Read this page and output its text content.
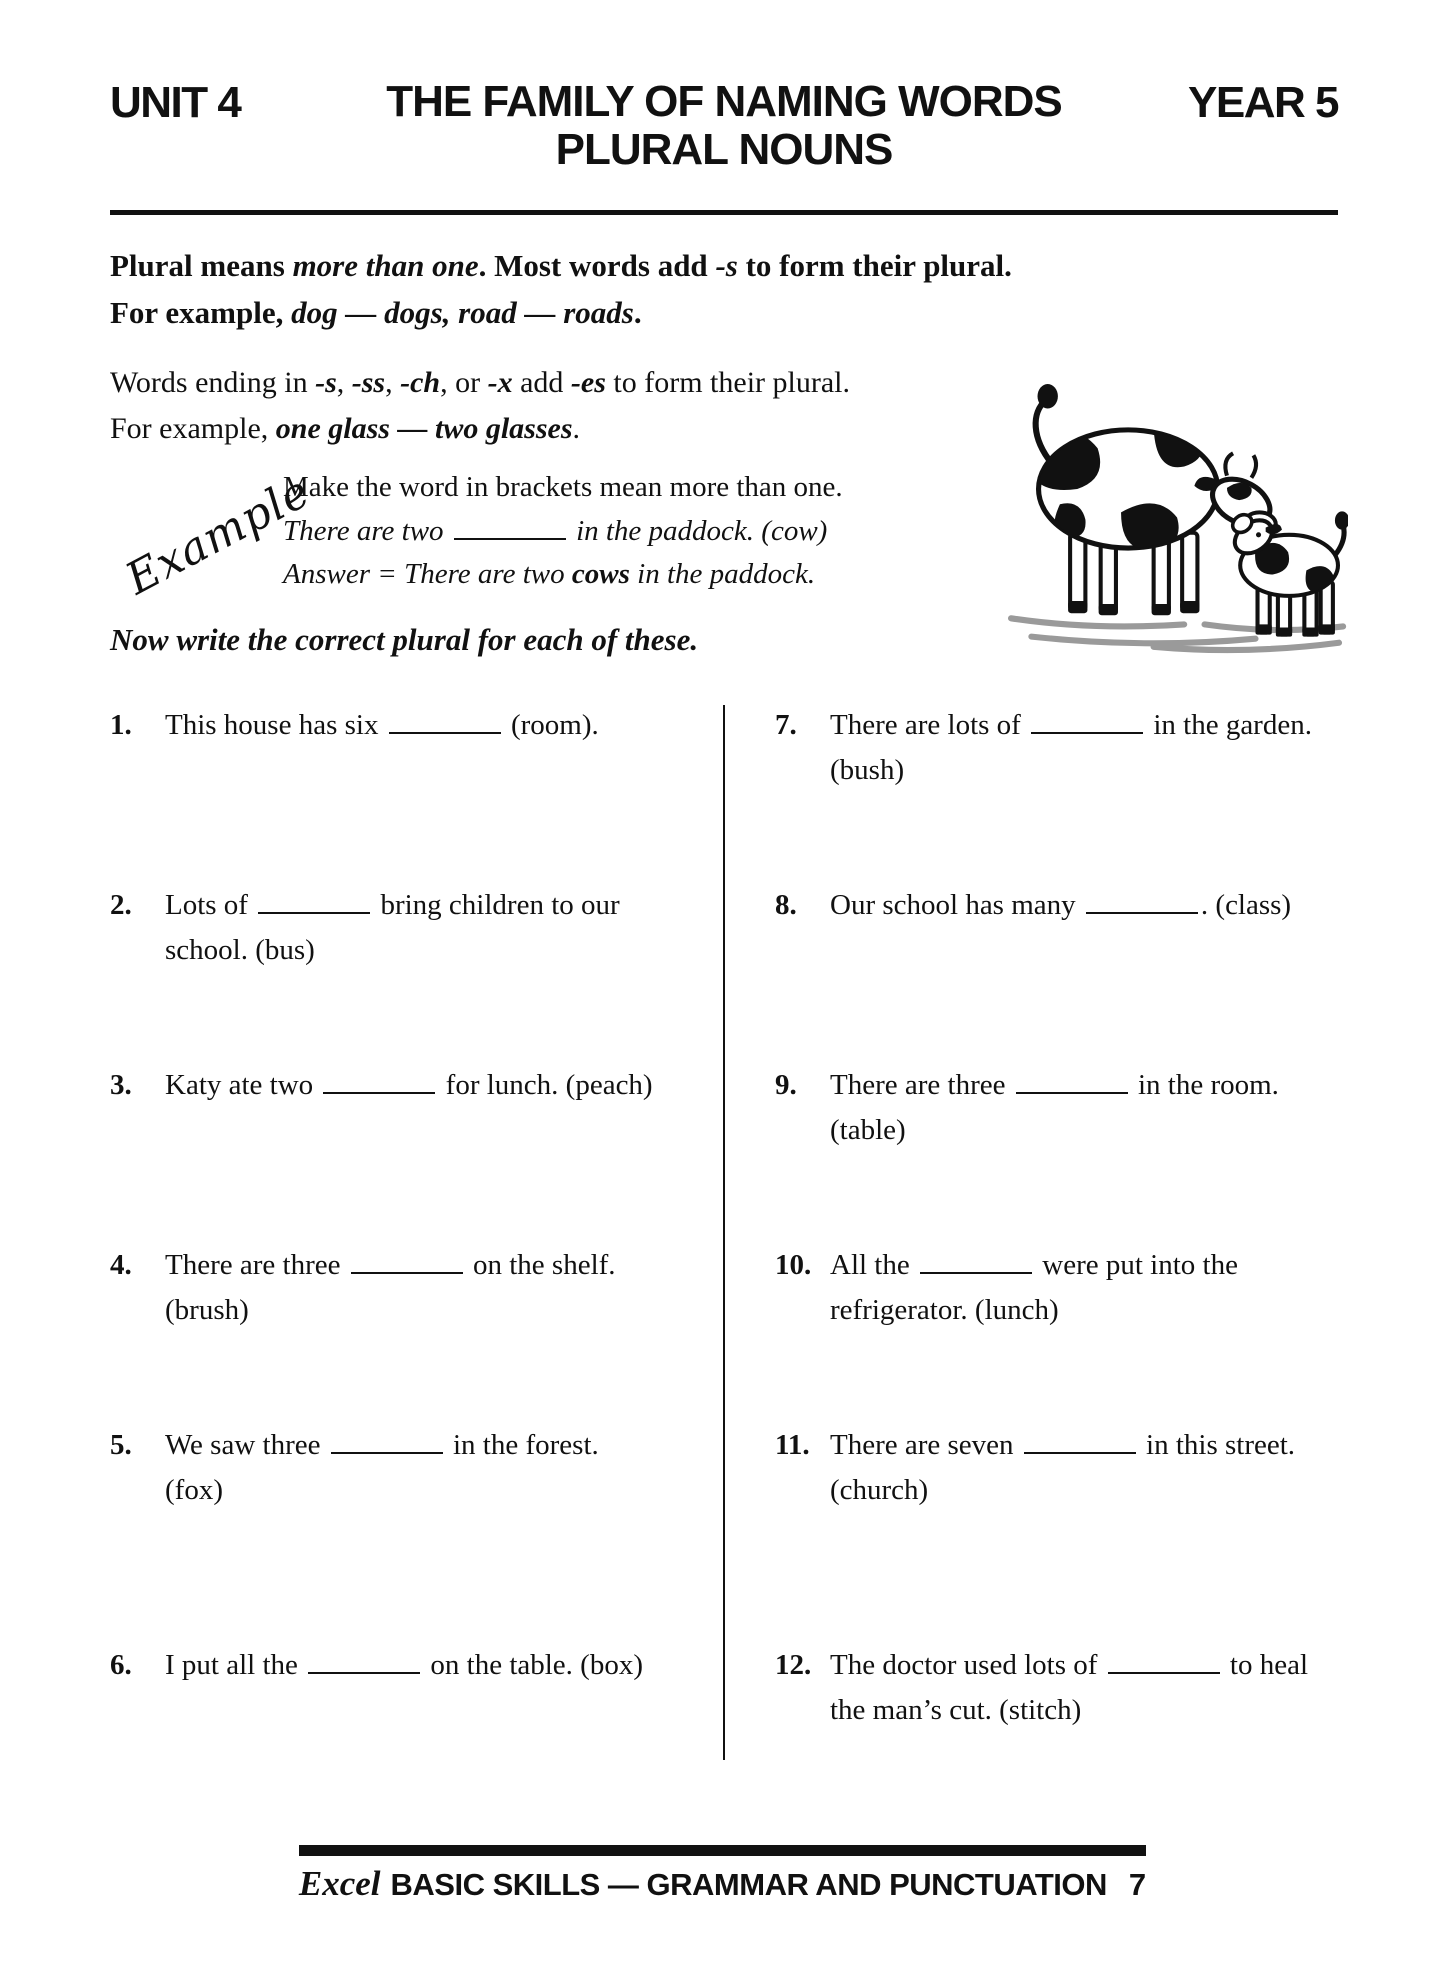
UNIT 4	THE FAMILY OF NAMING WORDS
PLURAL NOUNS
YEAR 5

Plural means more than one. Most words add -s to form their plural.
For example, dog — dogs, road — roads.

Words ending in -s, -ss, -ch, or -x add -es to form their plural.
For example, one glass — two glasses.

Example
Make the word in brackets mean more than one.
There are two	in the paddock. (cow)
Answer = There are two cows in the paddock.
Now write the correct plural for each of these.
1.	This house has six	(room).
2.	Lots of	bring children to our school. (bus)
3.	Katy ate two	for lunch. (peach)
4.	There are three	on the shelf. (brush)
5.	We saw three	in the forest. (fox)
6.	I put all the	on the table. (box)
7.	There are lots of	in the garden. (bush)
8.	Our school has many	. (class)
9.	There are three	in the room. (table)
10. All the	were put into the refrigerator. (lunch)
11. There are seven	in this street. (church)
12. The doctor used lots of	to heal the man’s cut. (stitch)
Excel BASIC SKILLS — GRAMMAR AND PUNCTUATION 7
